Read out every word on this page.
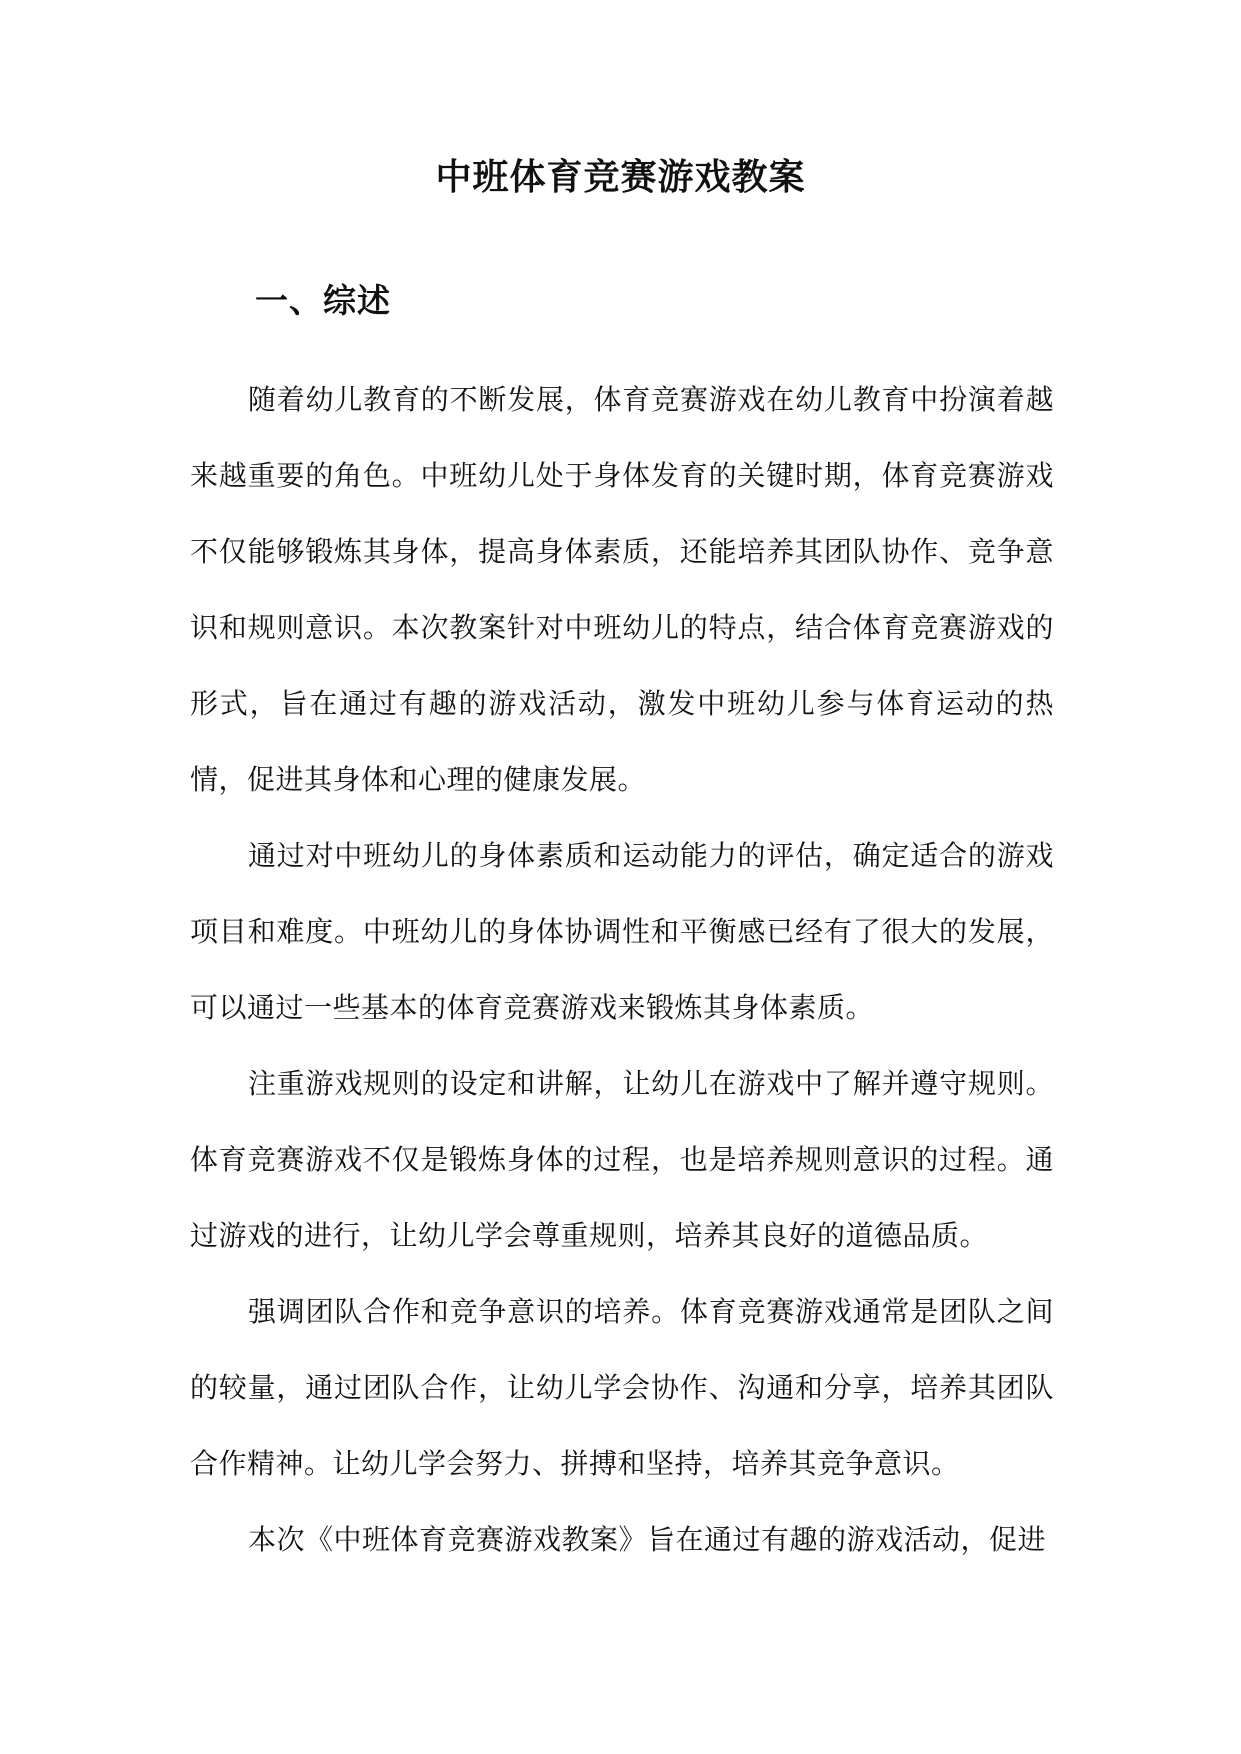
中班体育竞赛游戏教案
一、综述

随着幼儿教育的不断发展，体育竞赛游戏在幼儿教育中扮演着越来越重要的角色。中班幼儿处于身体发育的关键时期，体育竞赛游戏不仅能够锻炼其身体，提高身体素质，还能培养其团队协作、竞争意识和规则意识。本次教案针对中班幼儿的特点，结合体育竞赛游戏的形式，旨在通过有趣的游戏活动，激发中班幼儿参与体育运动的热情，促进其身体和心理的健康发展。

通过对中班幼儿的身体素质和运动能力的评估，确定适合的游戏项目和难度。中班幼儿的身体协调性和平衡感已经有了很大的发展，可以通过一些基本的体育竞赛游戏来锻炼其身体素质。

注重游戏规则的设定和讲解，让幼儿在游戏中了解并遵守规则。体育竞赛游戏不仅是锻炼身体的过程，也是培养规则意识的过程。通过游戏的进行，让幼儿学会尊重规则，培养其良好的道德品质。

强调团队合作和竞争意识的培养。体育竞赛游戏通常是团队之间的较量，通过团队合作，让幼儿学会协作、沟通和分享，培养其团队合作精神。让幼儿学会努力、拼搏和坚持，培养其竞争意识。

本次《中班体育竞赛游戏教案》旨在通过有趣的游戏活动，促进
